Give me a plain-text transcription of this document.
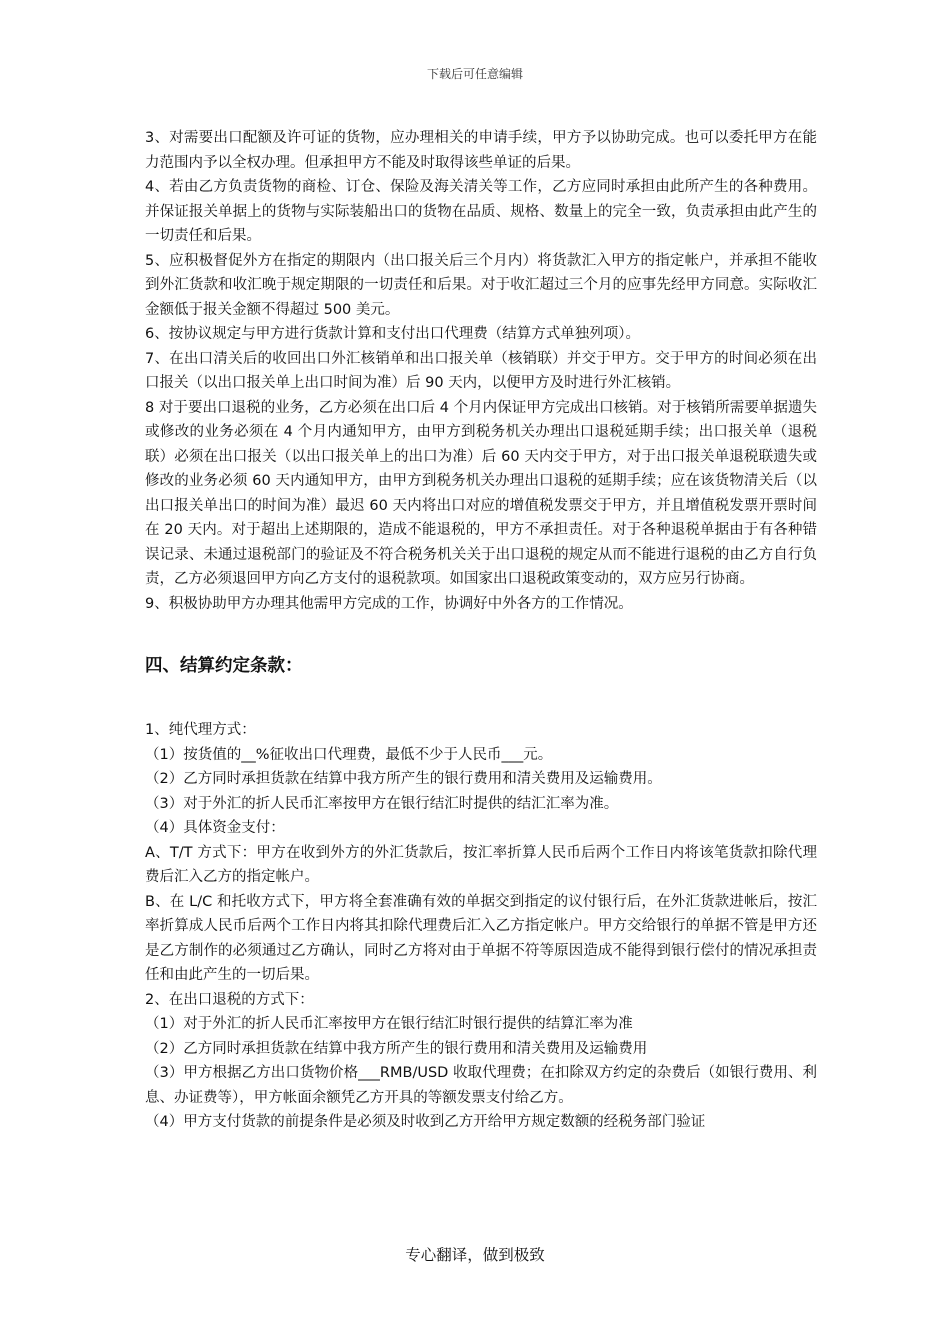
下载后可任意编辑

3、对需要出口配额及许可证的货物，应办理相关的申请手续，甲方予以协助完成。也可以委托甲方在能力范围内予以全权办理。但承担甲方不能及时取得该些单证的后果。

4、若由乙方负责货物的商检、订仓、保险及海关清关等工作，乙方应同时承担由此所产生的各种费用。并保证报关单据上的货物与实际装船出口的货物在品质、规格、数量上的完全一致，负责承担由此产生的一切责任和后果。

5、应积极督促外方在指定的期限内（出口报关后三个月内）将货款汇入甲方的指定帐户，并承担不能收到外汇货款和收汇晚于规定期限的一切责任和后果。对于收汇超过三个月的应事先经甲方同意。实际收汇金额低于报关金额不得超过 500 美元。

6、按协议规定与甲方进行货款计算和支付出口代理费（结算方式单独列项）。

7、在出口清关后的收回出口外汇核销单和出口报关单（核销联）并交于甲方。交于甲方的时间必须在出口报关（以出口报关单上出口时间为准）后 90 天内，以便甲方及时进行外汇核销。

8 对于要出口退税的业务，乙方必须在出口后 4 个月内保证甲方完成出口核销。对于核销所需要单据遗失或修改的业务必须在 4 个月内通知甲方，由甲方到税务机关办理出口退税延期手续；出口报关单（退税联）必须在出口报关（以出口报关单上的出口为准）后 60 天内交于甲方，对于出口报关单退税联遗失或修改的业务必须 60 天内通知甲方，由甲方到税务机关办理出口退税的延期手续；应在该货物清关后（以出口报关单出口的时间为准）最迟 60 天内将出口对应的增值税发票交于甲方，并且增值税发票开票时间在 20 天内。对于超出上述期限的，造成不能退税的，甲方不承担责任。对于各种退税单据由于有各种错误记录、未通过退税部门的验证及不符合税务机关关于出口退税的规定从而不能进行退税的由乙方自行负责，乙方必须退回甲方向乙方支付的退税款项。如国家出口退税政策变动的，双方应另行协商。

9、积极协助甲方办理其他需甲方完成的工作，协调好中外各方的工作情况。

四、结算约定条款：

1、纯代理方式：

（1）按货值的__%征收出口代理费，最低不少于人民币___元。

（2）乙方同时承担货款在结算中我方所产生的银行费用和清关费用及运输费用。

（3）对于外汇的折人民币汇率按甲方在银行结汇时提供的结汇汇率为准。

（4）具体资金支付：

A、T/T 方式下：甲方在收到外方的外汇货款后，按汇率折算人民币后两个工作日内将该笔货款扣除代理费后汇入乙方的指定帐户。

B、在 L/C 和托收方式下，甲方将全套准确有效的单据交到指定的议付银行后，在外汇货款进帐后，按汇率折算成人民币后两个工作日内将其扣除代理费后汇入乙方指定帐户。甲方交给银行的单据不管是甲方还是乙方制作的必须通过乙方确认，同时乙方将对由于单据不符等原因造成不能得到银行偿付的情况承担责任和由此产生的一切后果。

2、在出口退税的方式下：

（1）对于外汇的折人民币汇率按甲方在银行结汇时银行提供的结算汇率为准

（2）乙方同时承担货款在结算中我方所产生的银行费用和清关费用及运输费用

（3）甲方根据乙方出口货物价格___RMB/USD 收取代理费；在扣除双方约定的杂费后（如银行费用、利息、办证费等），甲方帐面余额凭乙方开具的等额发票支付给乙方。

（4）甲方支付货款的前提条件是必须及时收到乙方开给甲方规定数额的经税务部门验证

专心翻译，做到极致
